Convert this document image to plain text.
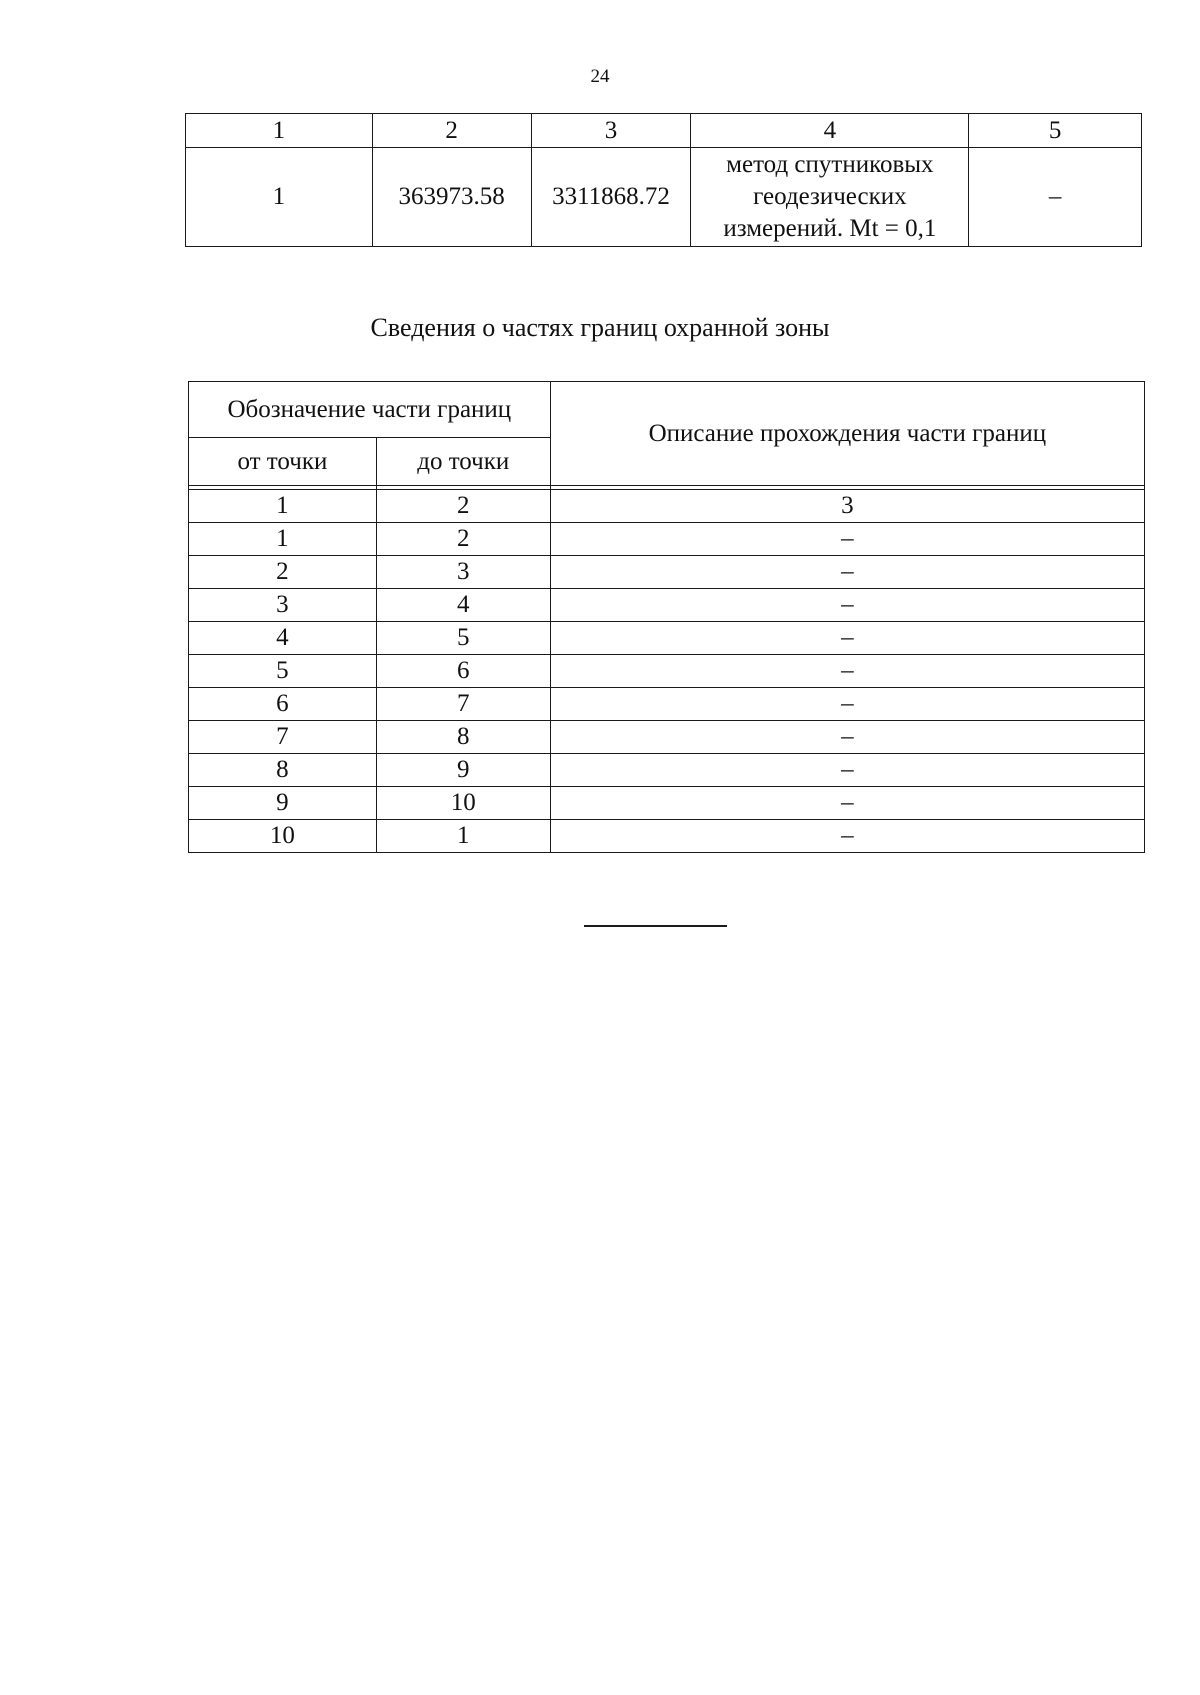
24
1	2	3	4	5
1	363973.58	3311868.72	метод спутниковых
геодезических
измерений. Mt = 0,1	–
Сведения о частях границ охранной зоны
Обозначение части границ		Описание прохождения части границ
от точки	до точки	

1	2	3
1	2	–
2	3	–
3	4	–
4	5	–
5	6	–
6	7	–
7	8	–
8	9	–
9	10	–
10	1	–
